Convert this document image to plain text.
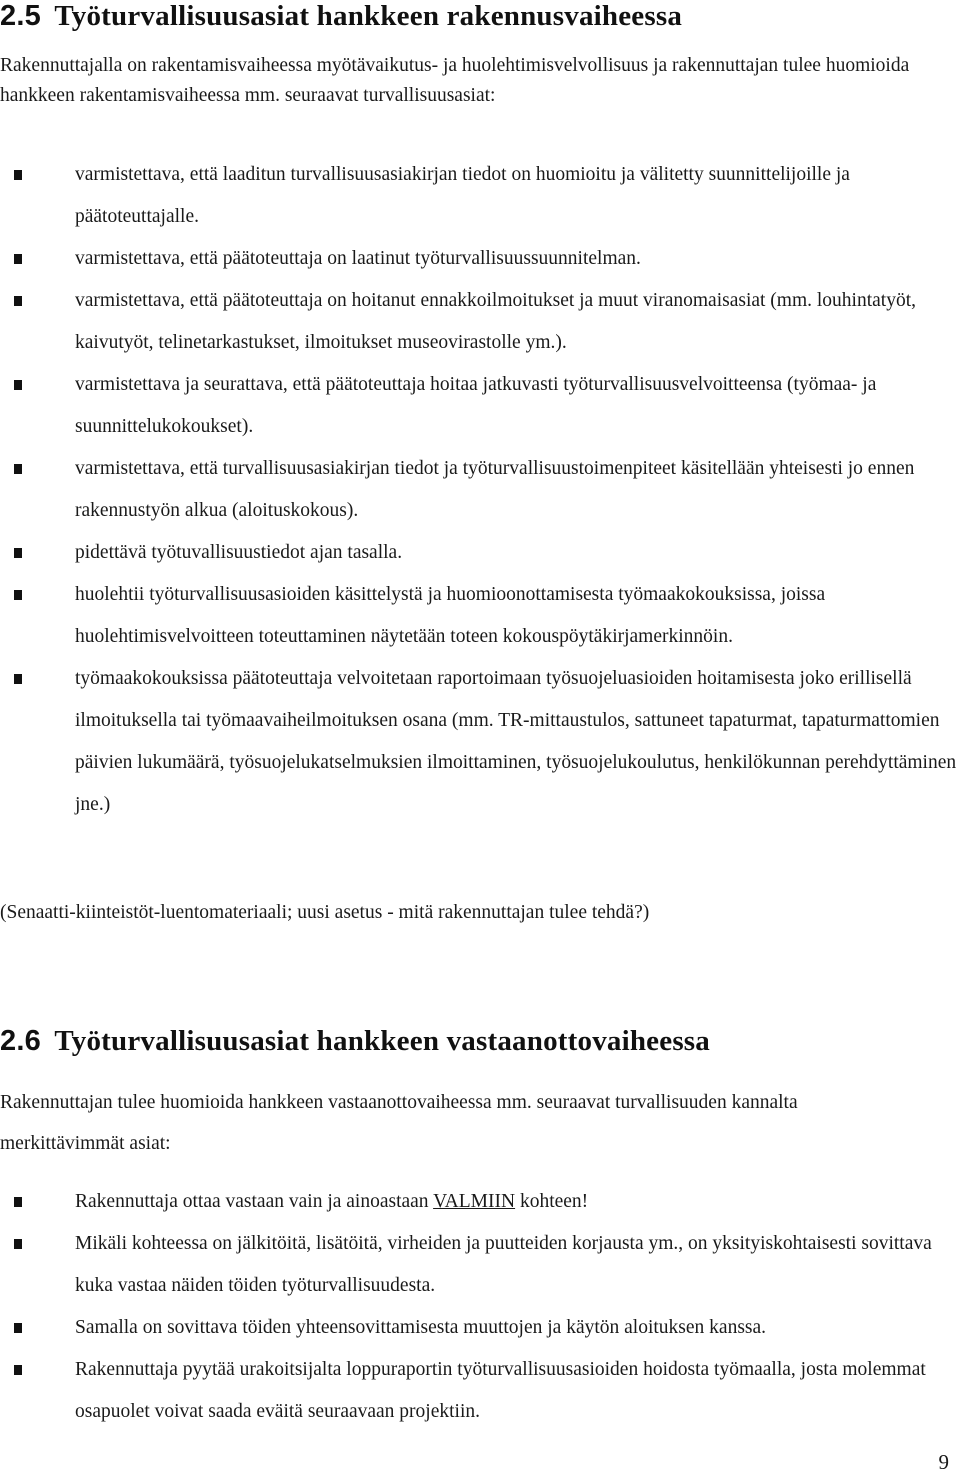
2.5 Työturvallisuusasiat hankkeen rakennusvaiheessa

Rakennuttajalla on rakentamisvaiheessa myötävaikutus- ja huolehtimisvelvollisuus ja rakennuttajan tulee huomioida hankkeen rakentamisvaiheessa mm. seuraavat turvallisuusasiat:

varmistettava, että laaditun turvallisuusasiakirjan tiedot on huomioitu ja välitetty suunnittelijoille ja päätoteuttajalle.
varmistettava, että päätoteuttaja on laatinut työturvallisuussuunnitelman.
varmistettava, että päätoteuttaja on hoitanut ennakkoilmoitukset ja muut viranomaisasiat (mm. louhintatyöt, kaivutyöt, telinetarkastukset, ilmoitukset museovirastolle ym.).
varmistettava ja seurattava, että päätoteuttaja hoitaa jatkuvasti työturvallisuusvelvoitteensa (työmaa- ja suunnittelukokoukset).
varmistettava, että turvallisuusasiakirjan tiedot ja työturvallisuustoimenpiteet käsitellään yhteisesti jo ennen rakennustyön alkua (aloituskokous).
pidettävä työtuvallisuustiedot ajan tasalla.
huolehtii työturvallisuusasioiden käsittelystä ja huomioonottamisesta työmaakokouksissa, joissa huolehtimisvelvoitteen toteuttaminen näytetään toteen kokouspöytäkirjamerkinnöin.
työmaakokouksissa päätoteuttaja velvoitetaan raportoimaan työsuojeluasioiden hoitamisesta joko erillisellä ilmoituksella tai työmaavaiheilmoituksen osana (mm. TR-mittaustulos, sattuneet tapaturmat, tapaturmattomien päivien lukumäärä, työsuojelukatselmuksien ilmoittaminen, työsuojelukoulutus, henkilökunnan perehdyttäminen jne.)

(Senaatti-kiinteistöt-luentomateriaali; uusi asetus - mitä rakennuttajan tulee tehdä?)

2.6 Työturvallisuusasiat hankkeen vastaanottovaiheessa

Rakennuttajan tulee huomioida hankkeen vastaanottovaiheessa mm. seuraavat turvallisuuden kannalta merkittävimmät asiat:

Rakennuttaja ottaa vastaan vain ja ainoastaan VALMIIN kohteen!
Mikäli kohteessa on jälkitöitä, lisätöitä, virheiden ja puutteiden korjausta ym., on yksityiskohtaisesti sovittava kuka vastaa näiden töiden työturvallisuudesta.
Samalla on sovittava töiden yhteensovittamisesta muuttojen ja käytön aloituksen kanssa.
Rakennuttaja pyytää urakoitsijalta loppuraportin työturvallisuusasioiden hoidosta työmaalla, josta molemmat osapuolet voivat saada eväitä seuraavaan projektiin.
9
